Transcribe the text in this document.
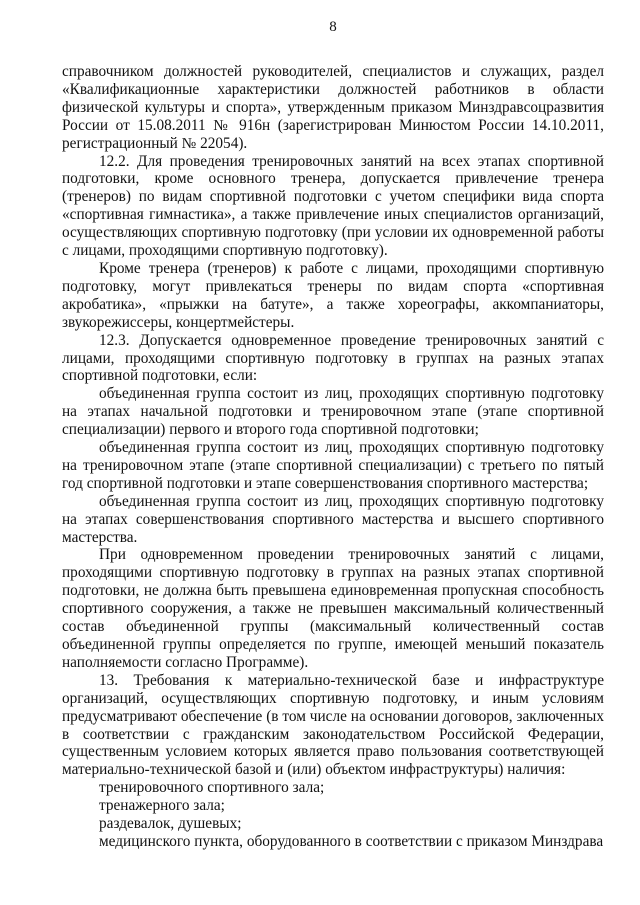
8

справочником должностей руководителей, специалистов и служащих, раздел «Квалификационные характеристики должностей работников в области физической культуры и спорта», утвержденным приказом Минздравсоцразвития России от 15.08.2011 № 916н (зарегистрирован Минюстом России 14.10.2011, регистрационный № 22054).

12.2. Для проведения тренировочных занятий на всех этапах спортивной подготовки, кроме основного тренера, допускается привлечение тренера (тренеров) по видам спортивной подготовки с учетом специфики вида спорта «спортивная гимнастика», а также привлечение иных специалистов организаций, осуществляющих спортивную подготовку (при условии их одновременной работы с лицами, проходящими спортивную подготовку).

Кроме тренера (тренеров) к работе с лицами, проходящими спортивную подготовку, могут привлекаться тренеры по видам спорта «спортивная акробатика», «прыжки на батуте», а также хореографы, аккомпаниаторы, звукорежиссеры, концертмейстеры.

12.3. Допускается одновременное проведение тренировочных занятий с лицами, проходящими спортивную подготовку в группах на разных этапах спортивной подготовки, если:

объединенная группа состоит из лиц, проходящих спортивную подготовку на этапах начальной подготовки и тренировочном этапе (этапе спортивной специализации) первого и второго года спортивной подготовки;

объединенная группа состоит из лиц, проходящих спортивную подготовку на тренировочном этапе (этапе спортивной специализации) с третьего по пятый год спортивной подготовки и этапе совершенствования спортивного мастерства;

объединенная группа состоит из лиц, проходящих спортивную подготовку на этапах совершенствования спортивного мастерства и высшего спортивного мастерства.

При одновременном проведении тренировочных занятий с лицами, проходящими спортивную подготовку в группах на разных этапах спортивной подготовки, не должна быть превышена единовременная пропускная способность спортивного сооружения, а также не превышен максимальный количественный состав объединенной группы (максимальный количественный состав объединенной группы определяется по группе, имеющей меньший показатель наполняемости согласно Программе).

13. Требования к материально-технической базе и инфраструктуре организаций, осуществляющих спортивную подготовку, и иным условиям предусматривают обеспечение (в том числе на основании договоров, заключенных в соответствии с гражданским законодательством Российской Федерации, существенным условием которых является право пользования соответствующей материально-технической базой и (или) объектом инфраструктуры) наличия:

тренировочного спортивного зала;

тренажерного зала;

раздевалок, душевых;

медицинского пункта, оборудованного в соответствии с приказом Минздрава
